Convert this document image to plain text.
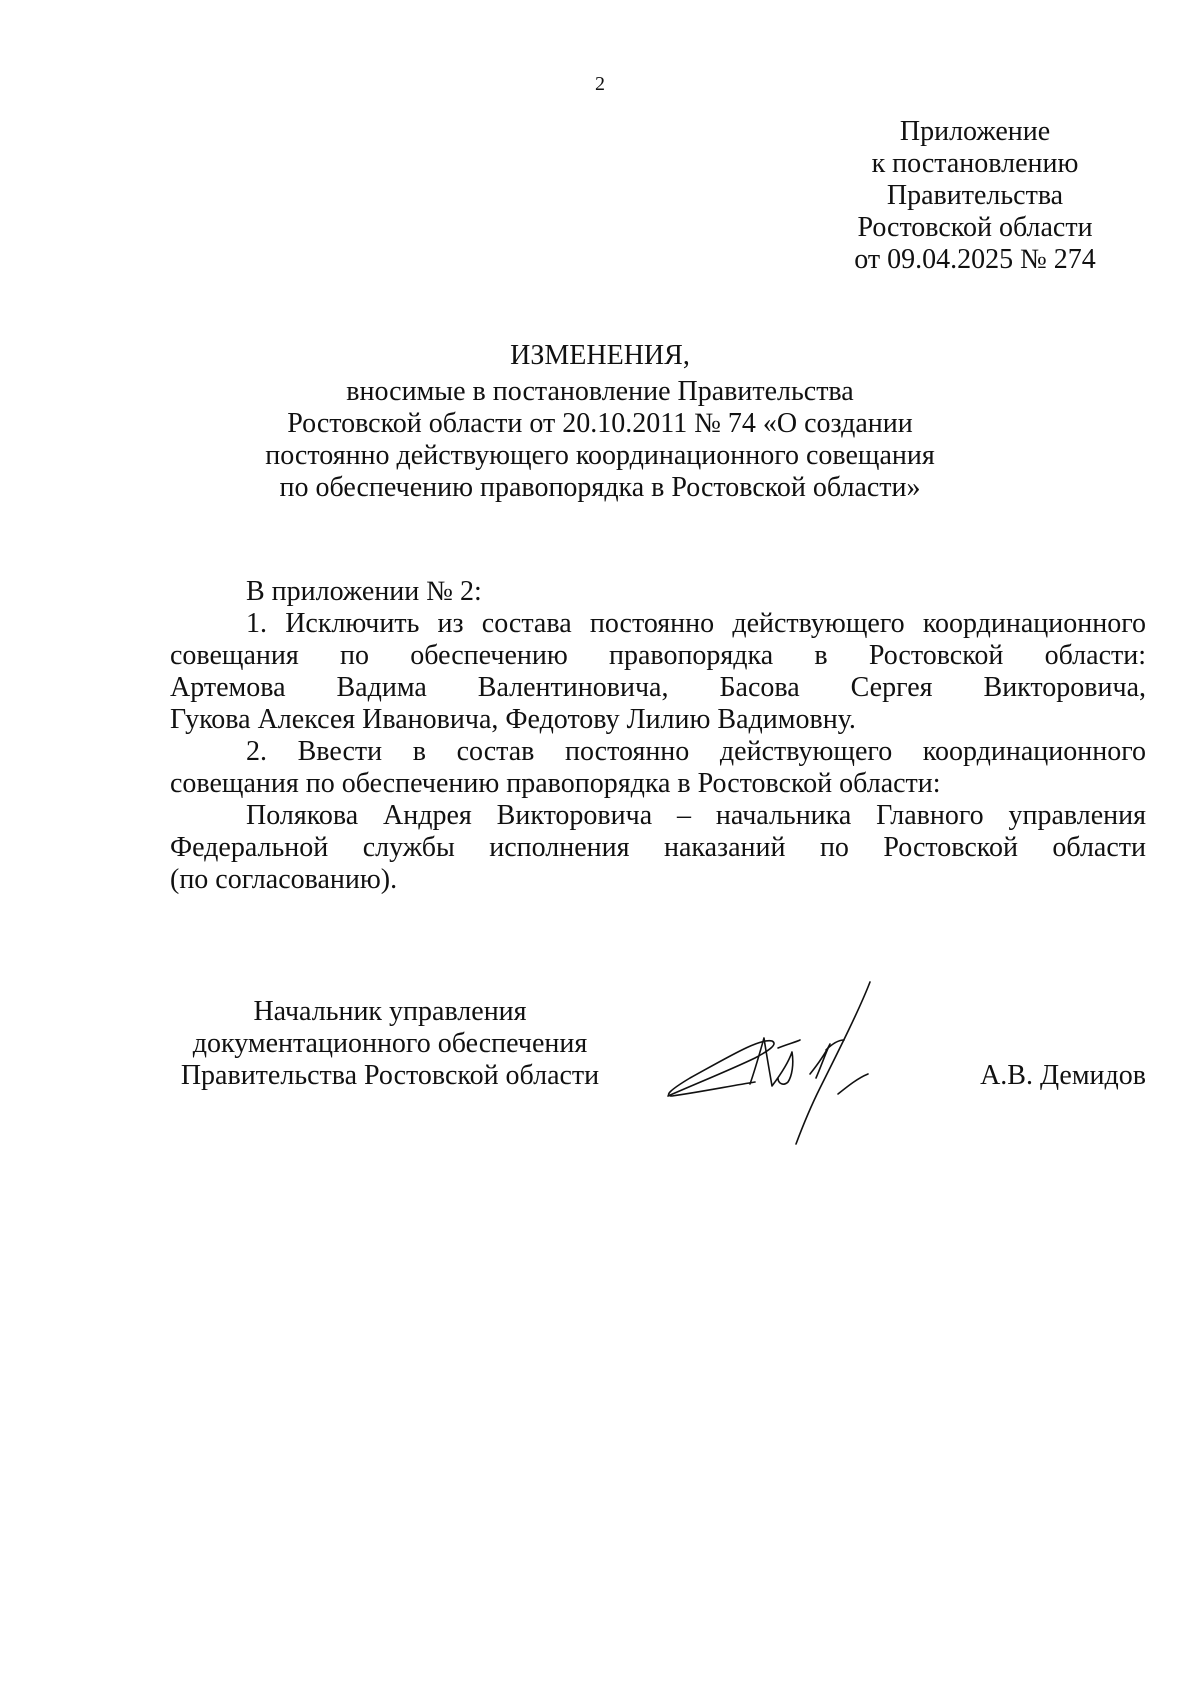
2
Приложение
к постановлению
Правительства
Ростовской области
от 09.04.2025 № 274
ИЗМЕНЕНИЯ,
вносимые в постановление Правительства
Ростовской области от 20.10.2011 № 74 «О создании
постоянно действующего координационного совещания
по обеспечению правопорядка в Ростовской области»
В приложении № 2:
1. Исключить из состава постоянно действующего координационного
совещания по обеспечению правопорядка в Ростовской области:
Артемова Вадима Валентиновича, Басова Сергея Викторовича,
Гукова Алексея Ивановича, Федотову Лилию Вадимовну.
2. Ввести в состав постоянно действующего координационного
совещания по обеспечению правопорядка в Ростовской области:
Полякова Андрея Викторовича – начальника Главного управления
Федеральной службы исполнения наказаний по Ростовской области
(по согласованию).
Начальник управления
документационного обеспечения
Правительства Ростовской области	А.В. Демидов
